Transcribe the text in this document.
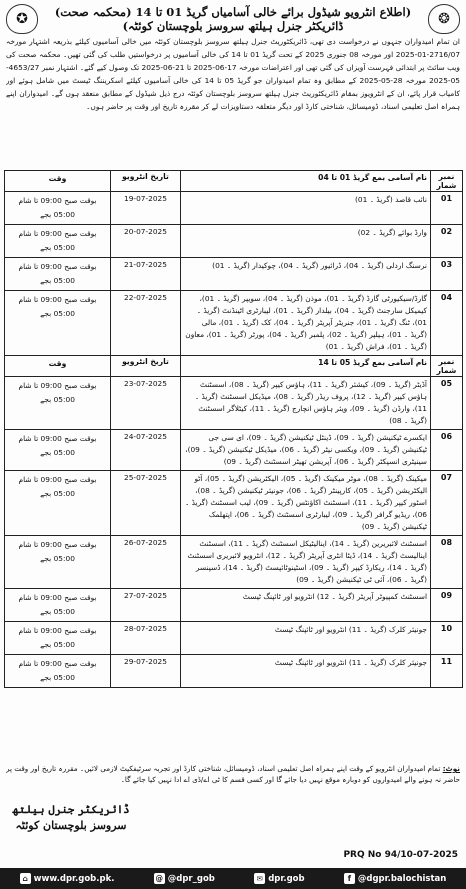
✪	(اطلاع انٹرویو شیڈول برائے خالی آسامیاں گریڈ 01 تا 14 (محکمہ صحت) ڈائریکٹر جنرل ہیلتھ سروسز بلوچستان کوئٹہ)	❂
ان تمام امیدواران جنہوں نے درخواست دی تھی، ڈائریکٹوریٹ جنرل ہیلتھ سروسز بلوچستان کوئٹہ میں خالی آسامیوں کیلئے بذریعہ اشتہار مورخہ 2716/07-01-2025 اور مورخہ 08 جنوری 2025 کے تحت گریڈ 01 تا 14 کی خالی آسامیوں پر درخواستیں طلب کی گئی تھیں۔ محکمہ صحت کی ویب سائٹ پر ابتدائی فہرست آویزاں کی گئی تھی اور اعتراضات مورخہ 17-06-2025 تا 21-06-2025 تک وصول کیے گئے۔ اشتہار نمبر 4653/27-05-2025 مورخہ 28-05-2025 کے مطابق وہ تمام امیدواران جو گریڈ 05 تا 14 کی خالی آسامیوں کیلئے اسکریننگ ٹیسٹ میں شامل ہوئے اور کامیاب قرار پائے، ان کے انٹرویوز بمقام ڈائریکٹوریٹ جنرل ہیلتھ سروسز بلوچستان کوئٹہ درج ذیل شیڈول کے مطابق منعقد ہوں گے۔ امیدواران اپنے ہمراہ اصل تعلیمی اسناد، ڈومیسائل، شناختی کارڈ اور دیگر متعلقہ دستاویزات لے کر مقررہ تاریخ اور وقت پر حاضر ہوں۔
نمبر شمار	نام آسامی بمع گریڈ 01 تا 04	تاریخ انٹرویو	وقت
01	نائب قاصد (گریڈ ۔ 01)	19-07-2025	بوقت صبح 09:00 تا شام
05:00 بجے

02	وارڈ بوائے (گریڈ ۔ 02)	20-07-2025	بوقت صبح 09:00 تا شام
05:00 بجے

03	نرسنگ اردلی (گریڈ ۔ 04)، ڈرائیور (گریڈ ۔ 04)، چوکیدار (گریڈ ۔ 01)	21-07-2025	بوقت صبح 09:00 تا شام
05:00 بجے

04	گارڈ/سیکیورٹی گارڈ (گریڈ ۔ 01)، موذن (گریڈ ۔ 04)، سویپر (گریڈ ۔ 01)، کیمیکل سارجنٹ (گریڈ ۔ 04)، بیلدار (گریڈ ۔ 01)، لیبارٹری اٹینڈنٹ (گریڈ ۔ 01)، ٹنگ (گریڈ ۔ 01)، جنریٹر آپریٹر (گریڈ ۔ 04)، کک (گریڈ ۔ 01)، مالی (گریڈ ۔ 01)، ہیلپر (گریڈ ۔ 02)، پلمبر (گریڈ ۔ 04)، پورٹر (گریڈ ۔ 01)، معاون (گریڈ ۔ 01)، فراش (گریڈ ۔ 01)	22-07-2025	بوقت صبح 09:00 تا شام
05:00 بجے

نمبر شمار	نام آسامی بمع گریڈ 05 تا 14	تاریخ انٹرویو	وقت
05	آڈیٹر (گریڈ ۔ 09)، کیشئر (گریڈ ۔ 11)، ہاؤس کیپر (گریڈ ۔ 08)، اسسٹنٹ ہاؤس کیپر (گریڈ ۔ 12)، پروف ریڈر (گریڈ ۔ 08)، میڈیکل اسسٹنٹ (گریڈ ۔ 11)، وارڈن (گریڈ ۔ 09)، ویئر ہاؤس انچارج (گریڈ ۔ 11)، کیٹلاگر اسسٹنٹ (گریڈ ۔ 08)	23-07-2025	بوقت صبح 09:00 تا شام
05:00 بجے

06	ایکسرے ٹیکنیشن (گریڈ ۔ 09)، ڈینٹل ٹیکنیشن (گریڈ ۔ 09)، ای سی جی ٹیکنیشن (گریڈ ۔ 09)، ویکسی نیٹر (گریڈ ۔ 06)، میڈیکل ٹیکنیشن (گریڈ ۔ 09)، سینیٹری انسپکٹر (گریڈ ۔ 06)، آپریشن تھیٹر اسسٹنٹ (گریڈ ۔ 09)	24-07-2025	بوقت صبح 09:00 تا شام
05:00 بجے

07	میکینک (گریڈ ۔ 08)، موٹر میکینک (گریڈ ۔ 05)، الیکٹریشن (گریڈ ۔ 05)، آٹو الیکٹریشن (گریڈ ۔ 05)، کارپینٹر (گریڈ ۔ 06)، جونیئر ٹیکنیشن (گریڈ ۔ 08)، اسٹور کیپر (گریڈ ۔ 11)، اسسٹنٹ اکاؤنٹس (گریڈ ۔ 09)، لیب اسسٹنٹ (گریڈ ۔ 06)، ریڈیو گرافر (گریڈ ۔ 09)، لیبارٹری اسسٹنٹ (گریڈ ۔ 06)، اپتھلمک ٹیکنیشن (گریڈ ۔ 09)	25-07-2025	بوقت صبح 09:00 تا شام
05:00 بجے

08	اسسٹنٹ لائبریرین (گریڈ ۔ 14)، اینالیٹیکل اسسٹنٹ (گریڈ ۔ 11)، اسسٹنٹ اینالیسٹ (گریڈ ۔ 14)، ڈیٹا انٹری آپریٹر (گریڈ ۔ 12)، انٹرویو لائبریری اسسٹنٹ (گریڈ ۔ 14)، ریکارڈ کیپر (گریڈ ۔ 09)، اسٹینوٹائپسٹ (گریڈ ۔ 14)، ڈسپنسر (گریڈ ۔ 06)، آئی ٹی ٹیکنیشن (گریڈ ۔ 09)	26-07-2025	بوقت صبح 09:00 تا شام
05:00 بجے

09	اسسٹنٹ کمپیوٹر آپریٹر (گریڈ ۔ 12) انٹرویو اور ٹائپنگ ٹیسٹ	27-07-2025	بوقت صبح 09:00 تا شام
05:00 بجے

10	جونیئر کلرک (گریڈ ۔ 11) انٹرویو اور ٹائپنگ ٹیسٹ	28-07-2025	بوقت صبح 09:00 تا شام
05:00 بجے

11	جونیئر کلرک (گریڈ ۔ 11) انٹرویو اور ٹائپنگ ٹیسٹ	29-07-2025	بوقت صبح 09:00 تا شام
05:00 بجے
نوٹ: تمام امیدواران انٹرویو کے وقت اپنے ہمراہ اصل تعلیمی اسناد، ڈومیسائل، شناختی کارڈ اور تجربہ سرٹیفکیٹ لازمی لائیں۔ مقررہ تاریخ اور وقت پر حاضر نہ ہونے والے امیدواروں کو دوبارہ موقع نہیں دیا جائے گا اور کسی قسم کا ٹی اے/ڈی اے ادا نہیں کیا جائے گا۔
ڈائریکٹر جنرل ہیلتھ
سروسز بلوچستان کوئٹہ
PRQ No 94/10-07-2025
⌂ www.dpr.gob.pk.	@ @dpr_gob	✉ dpr.gob	f @dgpr.balochistan
